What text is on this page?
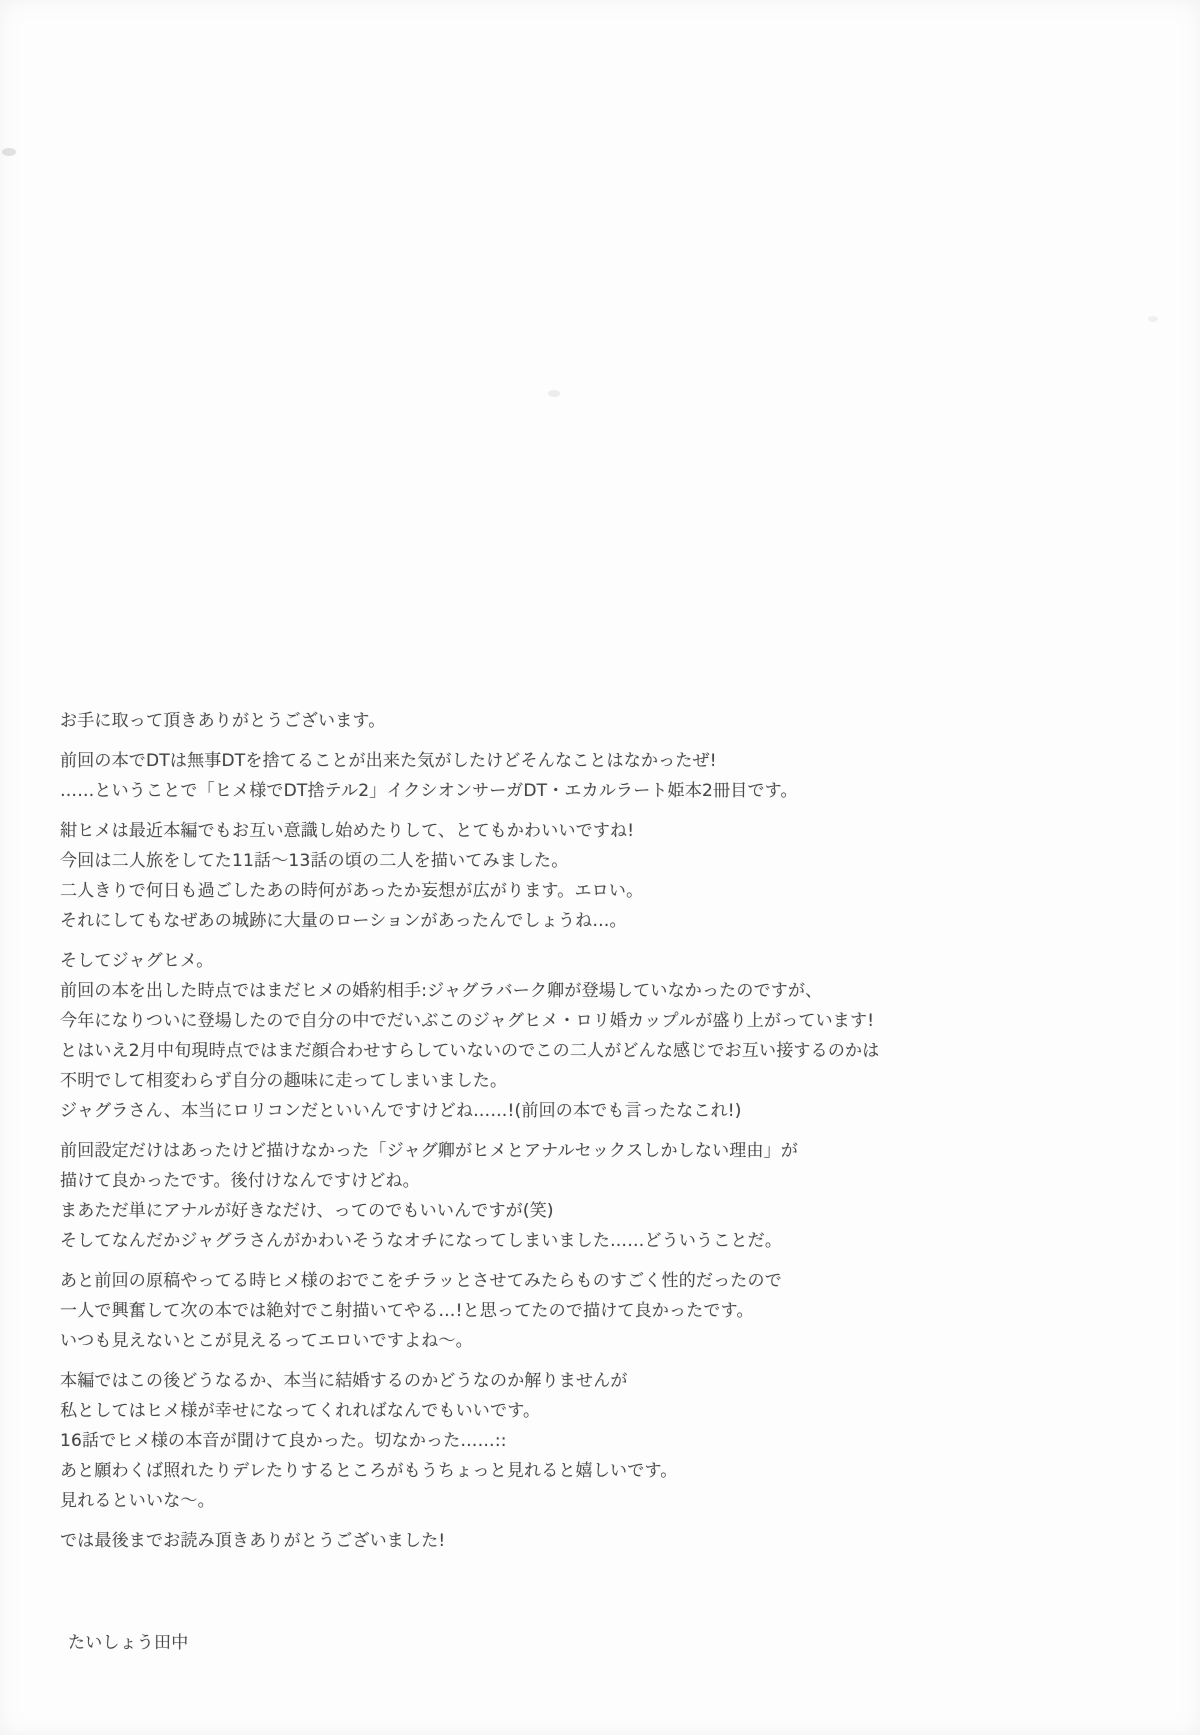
お手に取って頂きありがとうございます。
前回の本でDTは無事DTを捨てることが出来た気がしたけどそんなことはなかったぜ!
……ということで「ヒメ様でDT捨テル2」イクシオンサーガDT・エカルラート姫本2冊目です。
紺ヒメは最近本編でもお互い意識し始めたりして、とてもかわいいですね!
今回は二人旅をしてた11話～13話の頃の二人を描いてみました。
二人きりで何日も過ごしたあの時何があったか妄想が広がります。エロい。
それにしてもなぜあの城跡に大量のローションがあったんでしょうね…。
そしてジャグヒメ。
前回の本を出した時点ではまだヒメの婚約相手:ジャグラバーク卿が登場していなかったのですが、
今年になりついに登場したので自分の中でだいぶこのジャグヒメ・ロリ婚カップルが盛り上がっています!
とはいえ2月中旬現時点ではまだ顔合わせすらしていないのでこの二人がどんな感じでお互い接するのかは
不明でして相変わらず自分の趣味に走ってしまいました。
ジャグラさん、本当にロリコンだといいんですけどね……!(前回の本でも言ったなこれ!)
前回設定だけはあったけど描けなかった「ジャグ卿がヒメとアナルセックスしかしない理由」が
描けて良かったです。後付けなんですけどね。
まあただ単にアナルが好きなだけ、ってのでもいいんですが(笑)
そしてなんだかジャグラさんがかわいそうなオチになってしまいました……どういうことだ。
あと前回の原稿やってる時ヒメ様のおでこをチラッとさせてみたらものすごく性的だったので
一人で興奮して次の本では絶対でこ射描いてやる…!と思ってたので描けて良かったです。
いつも見えないとこが見えるってエロいですよね～。
本編ではこの後どうなるか、本当に結婚するのかどうなのか解りませんが
私としてはヒメ様が幸せになってくれればなんでもいいです。
16話でヒメ様の本音が聞けて良かった。切なかった……::
あと願わくば照れたりデレたりするところがもうちょっと見れると嬉しいです。
見れるといいな～。
では最後までお読み頂きありがとうございました!
たいしょう田中
